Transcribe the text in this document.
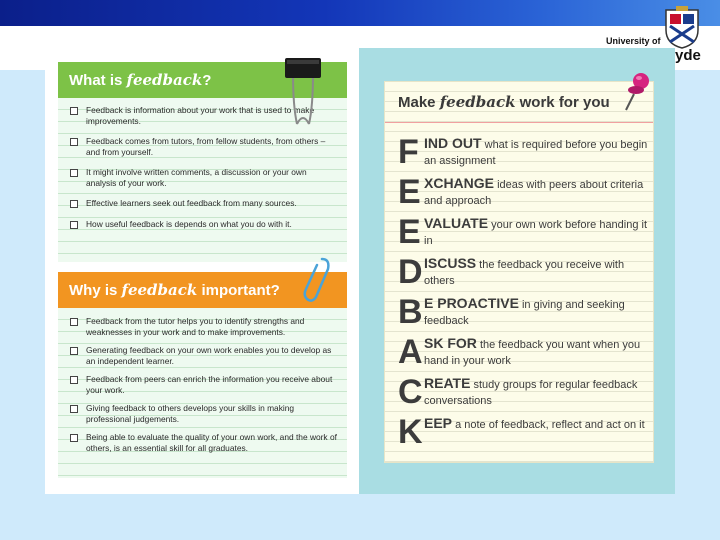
University of
yde
What is feedback?
Feedback is information about your work that is used to make improvements.
Feedback comes from tutors, from fellow students, from others – and from yourself.
It might involve written comments, a discussion or your own analysis of your work.
Effective learners seek out feedback from many sources.
How useful feedback is depends on what you do with it.
Why is feedback important?
Feedback from the tutor helps you to identify strengths and weaknesses in your work and to make improvements.
Generating feedback on your own work enables you to develop as an independent learner.
Feedback from peers can enrich the information you receive about your work.
Giving feedback to others develops your skills in making professional judgements.
Being able to evaluate the quality of your own work, and the work of others, is an essential skill for all graduates.
Make feedback work for you
F IND OUT what is required before you begin an assignment
E XCHANGE ideas with peers about criteria and approach
E VALUATE your own work before handing it in
D ISCUSS the feedback you receive with others
B E PROACTIVE in giving and seeking feedback
A SK FOR the feedback you want when you hand in your work
C REATE study groups for regular feedback conversations
K EEP a note of feedback, reflect and act on it
